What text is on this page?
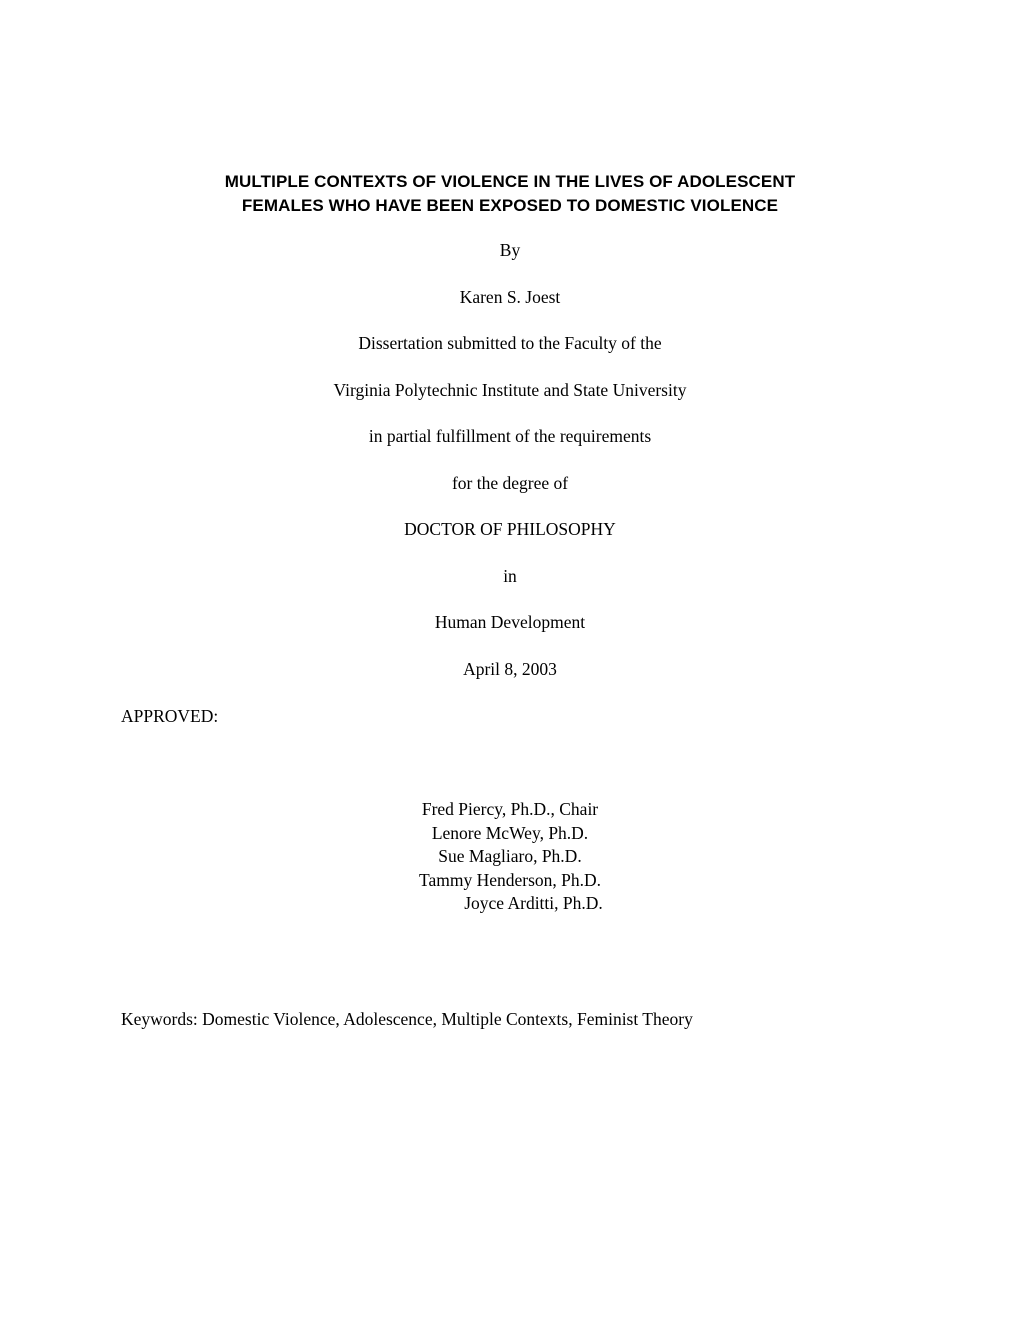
MULTIPLE CONTEXTS OF VIOLENCE IN THE LIVES OF ADOLESCENT
FEMALES WHO HAVE BEEN EXPOSED TO DOMESTIC VIOLENCE
By
Karen S. Joest
Dissertation submitted to the Faculty of the
Virginia Polytechnic Institute and State University
in partial fulfillment of the requirements
for the degree of
DOCTOR OF PHILOSOPHY
in
Human Development
April 8, 2003
APPROVED:
Fred Piercy, Ph.D., Chair
Lenore McWey, Ph.D.
Sue Magliaro, Ph.D.
Tammy Henderson, Ph.D.
Joyce Arditti, Ph.D.
Keywords: Domestic Violence, Adolescence, Multiple Contexts, Feminist Theory
